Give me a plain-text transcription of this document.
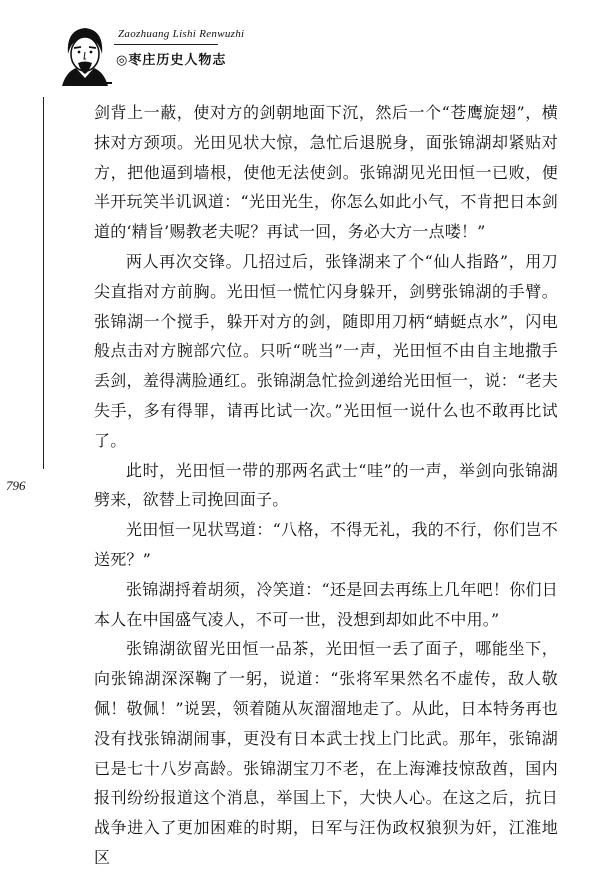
Zaozhuang Lishi Renwuzhi
◎枣庄历史人物志
796

剑背上一蔽，使对方的剑朝地面下沉，然后一个“苍鹰旋翅”，横抹对方颈项。光田见状大惊，急忙后退脱身，面张锦湖却紧贴对方，把他逼到墙根，使他无法使剑。张锦湖见光田恒一已败，便半开玩笑半讥讽道：“光田光生，你怎么如此小气，不肯把日本剑道的‘精旨’赐教老夫呢？再试一回，务必大方一点喽！”

两人再次交锋。几招过后，张锋湖来了个“仙人指路”，用刀尖直指对方前胸。光田恒一慌忙闪身躲开，剑劈张锦湖的手臂。张锦湖一个搅手，躲开对方的剑，随即用刀柄“蜻蜓点水”，闪电般点击对方腕部穴位。只听“咣当”一声，光田恒不由自主地撒手丢剑，羞得满脸通红。张锦湖急忙捡剑递给光田恒一，说：“老夫失手，多有得罪，请再比试一次。”光田恒一说什么也不敢再比试了。

此时，光田恒一带的那两名武士“哇”的一声，举剑向张锦湖劈来，欲替上司挽回面子。

光田恒一见状骂道：“八格，不得无礼，我的不行，你们岂不送死？”

张锦湖捋着胡须，冷笑道：“还是回去再练上几年吧！你们日本人在中国盛气凌人，不可一世，没想到却如此不中用。”

张锦湖欲留光田恒一品茶，光田恒一丢了面子，哪能坐下，向张锦湖深深鞠了一躬，说道：“张将军果然名不虚传，敌人敬佩！敬佩！”说罢，领着随从灰溜溜地走了。从此，日本特务再也没有找张锦湖闹事，更没有日本武士找上门比武。那年，张锦湖已是七十八岁高龄。张锦湖宝刀不老，在上海滩技惊敌酋，国内报刊纷纷报道这个消息，举国上下，大快人心。在这之后，抗日战争进入了更加困难的时期，日军与汪伪政权狼狈为奸，江淮地区
